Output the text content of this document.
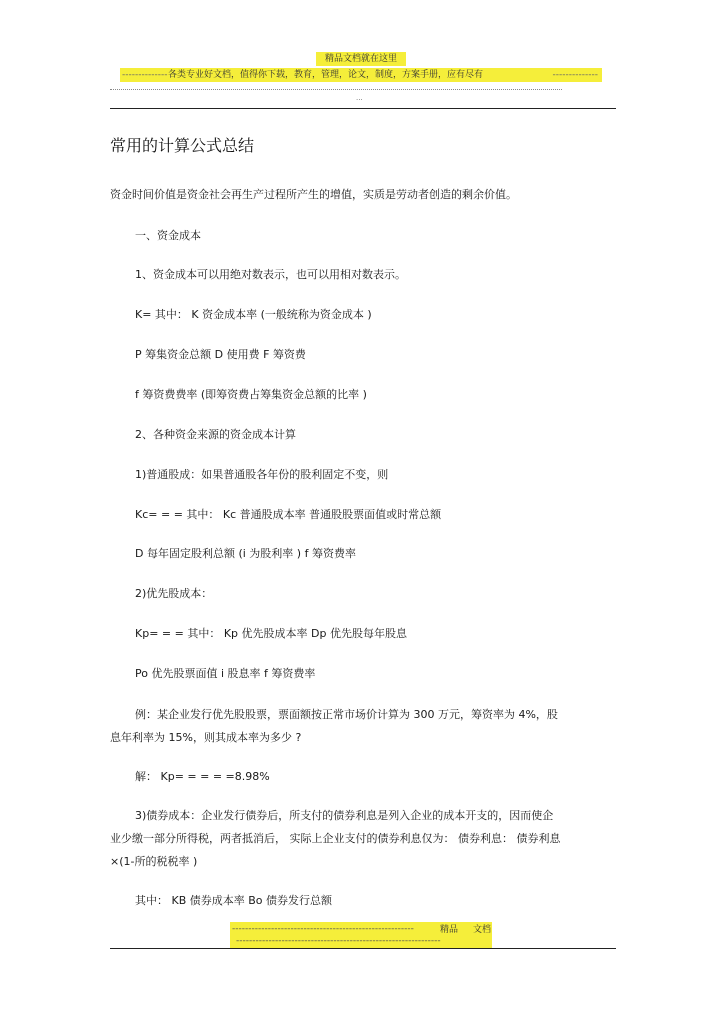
精品文档就在这里
-------------- 各类专业好文档，值得你下载，教育，管理，论文，制度，方案手册，应有尽有	--------------
...
常用的计算公式总结
资金时间价值是资金社会再生产过程所产生的增值，实质是劳动者创造的剩余价值。
一、资金成本
1、资金成本可以用绝对数表示，也可以用相对数表示。
K= 其中： K 资金成本率 (一般统称为资金成本 )
P 筹集资金总额 D 使用费 F 筹资费
f 筹资费费率 (即筹资费占筹集资金总额的比率 )
2、各种资金来源的资金成本计算
1)普通股成：如果普通股各年份的股利固定不变，则
Kc= = = 其中： Kc 普通股成本率 普通股股票面值或时常总额
D 每年固定股利总额 (i 为股利率 ) f 筹资费率
2)优先股成本：
Kp= = = 其中： Kp 优先股成本率 Dp 优先股每年股息
Po 优先股票面值 i 股息率 f 筹资费率
例：某企业发行优先股股票，票面额按正常市场价计算为 300 万元，筹资率为 4%，股
息年利率为 15%，则其成本率为多少 ?
解： Kp= = = = =8.98%
3)债券成本：企业发行债券后，所支付的债券利息是列入企业的成本开支的，因而使企
业少缴一部分所得税，两者抵消后， 实际上企业支付的债券利息仅为： 债券利息： 债券利息
×(1-所的税税率 )
其中： KB 债券成本率 Bo 债券发行总额
--------------------------------------------------------	精品 文档
---------------------------------------------------------------
